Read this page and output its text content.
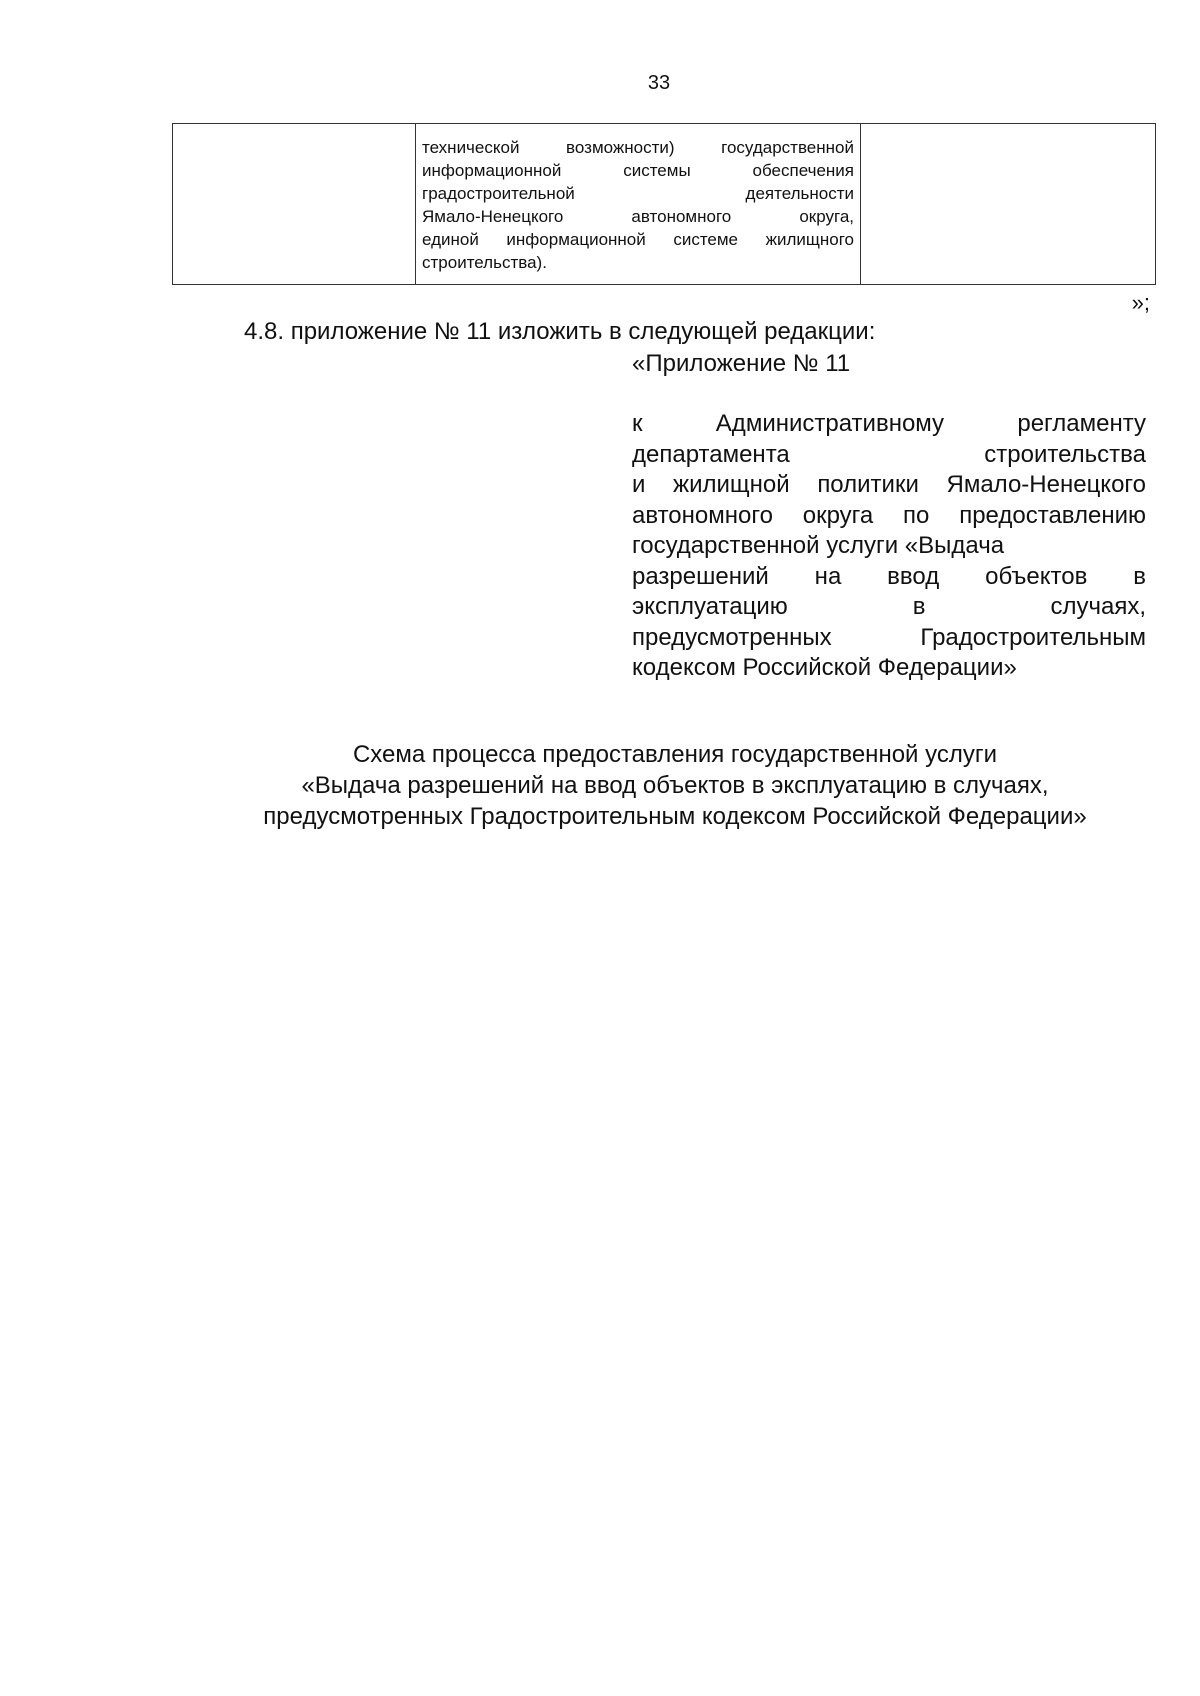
33

технической возможности) государственной
информационной системы обеспечения
градостроительной деятельности
Ямало-Ненецкого автономного округа,
единой информационной системе жилищного
строительства).

»;
4.8. приложение № 11 изложить в следующей редакции:
«Приложение № 11
к Административному регламенту
департамента строительства
и жилищной политики Ямало-Ненецкого
автономного округа по предоставлению
государственной услуги «Выдача
разрешений на ввод объектов в
эксплуатацию в случаях,
предусмотренных Градостроительным
кодексом Российской Федерации»
Схема процесса предоставления государственной услуги
«Выдача разрешений на ввод объектов в эксплуатацию в случаях,
предусмотренных Градостроительным кодексом Российской Федерации»
